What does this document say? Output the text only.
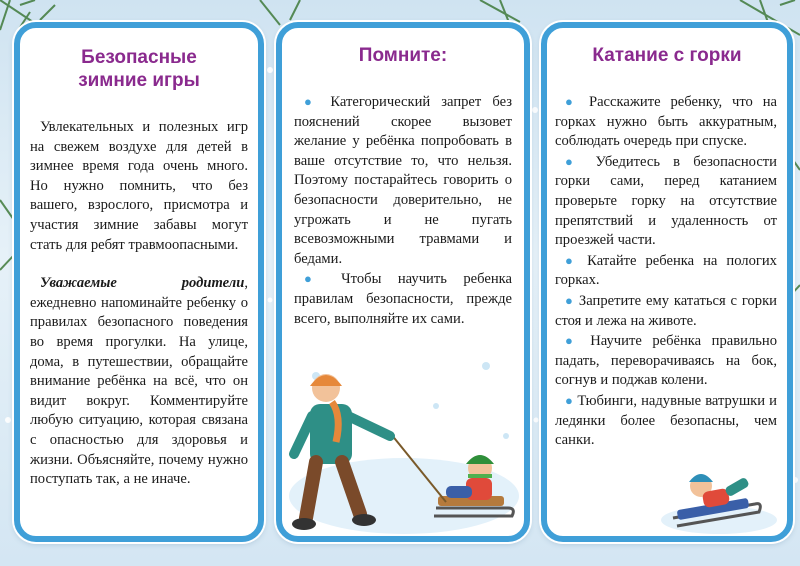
Безопасные
зимние игры

Увлекательных и полезных игр на свежем воздухе для детей в зимнее время года очень много. Но нужно помнить, что без вашего, взрослого, присмотра и участия зимние забавы могут стать для ребят травмоопасными.

Уважаемые родители, ежедневно напоминайте ребенку о правилах безопасного поведения во время прогулки. На улице, дома, в путешествии, обращайте внимание ребёнка на всё, что он видит вокруг. Комментируйте любую ситуацию, которая связана с опасностью для здоровья и жизни. Объясняйте, почему нужно поступать так, а не иначе.

Помните:

● Категорический запрет без пояснений скорее вызовет желание у ребёнка попробовать в ваше отсутствие то, что нельзя. Поэтому постарайтесь говорить о безопасности доверительно, не угрожать и не пугать всевозможными травмами и бедами.

● Чтобы научить ребенка правилам безопасности, прежде всего, выполняйте их сами.

Катание с горки

● Расскажите ребенку, что на горках нужно быть аккуратным, соблюдать очередь при спуске.

● Убедитесь в безопасности горки сами, перед катанием проверьте горку на отсутствие препятствий и удаленность от проезжей части.

● Катайте ребенка на пологих горках.

● Запретите ему кататься с горки стоя и лежа на животе.

● Научите ребёнка правильно падать, переворачиваясь на бок, согнув и поджав колени.

● Тюбинги, надувные ватрушки и ледянки более безопасны, чем санки.
